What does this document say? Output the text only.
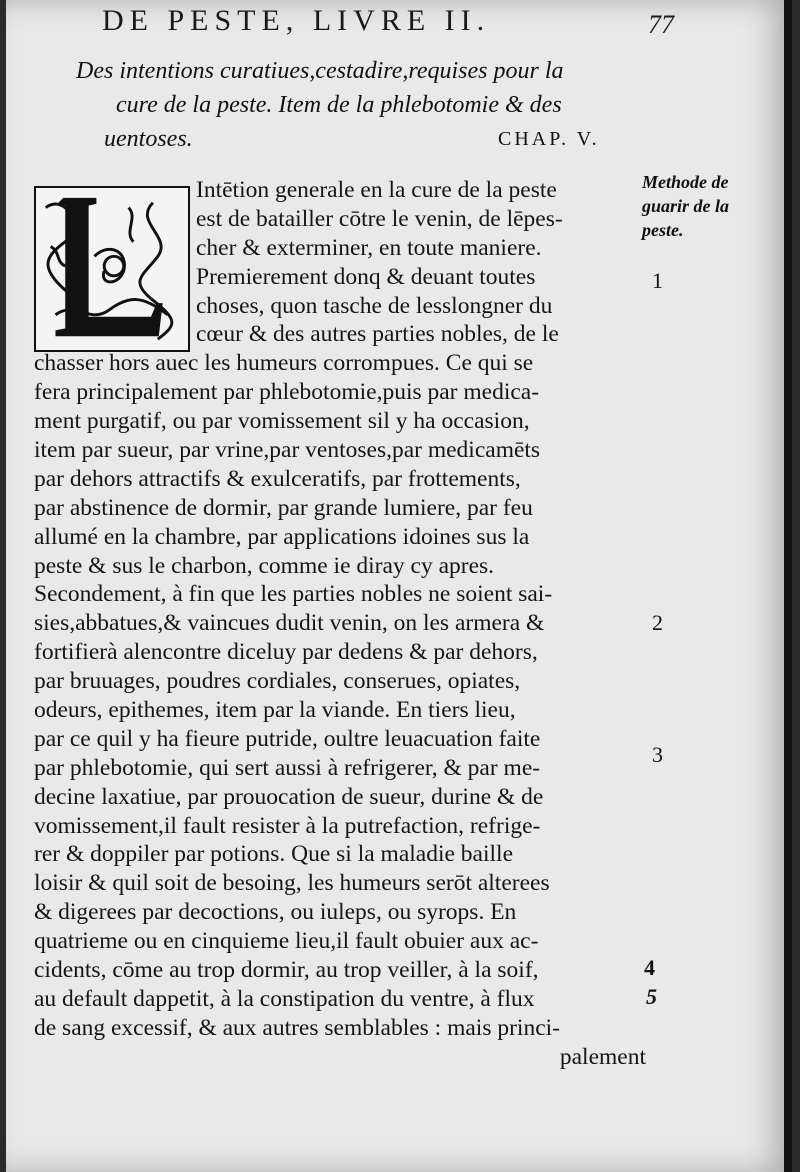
DE PESTE, LIVRE II.	77
Des intentions curatiues,cestadire,requises pour la
cure de la peste. Item de la phlebotomie & des
uentoses.	CHAP. V.
Intētion generale en la cure de la peste
est de batailler cōtre le venin, de lēpes-
cher & exterminer, en toute maniere.
Premierement donq & deuant toutes
choses, quon tasche de lesslongner du
cœur & des autres parties nobles, de le
chasser hors auec les humeurs corrompues. Ce qui se
fera principalement par phlebotomie,puis par medica-
ment purgatif, ou par vomissement sil y ha occasion,
item par sueur, par vrine,par ventoses,par medicamēts
par dehors attractifs & exulceratifs, par frottements,
par abstinence de dormir, par grande lumiere, par feu
allumé en la chambre, par applications idoines sus la
peste & sus le charbon, comme ie diray cy apres.
Secondement, à fin que les parties nobles ne soient sai-
sies,abbatues,& vaincues dudit venin, on les armera &
fortifierà alencontre diceluy par dedens & par dehors,
par bruuages, poudres cordiales, conserues, opiates,
odeurs, epithemes, item par la viande. En tiers lieu,
par ce quil y ha fieure putride, oultre leuacuation faite
par phlebotomie, qui sert aussi à refrigerer, & par me-
decine laxatiue, par prouocation de sueur, durine & de
vomissement,il fault resister à la putrefaction, refrige-
rer & doppiler par potions. Que si la maladie baille
loisir & quil soit de besoing, les humeurs serōt alterees
& digerees par decoctions, ou iuleps, ou syrops. En
quatrieme ou en cinquieme lieu,il fault obuier aux ac-
cidents, cōme au trop dormir, au trop veiller, à la soif,
au default dappetit, à la constipation du ventre, à flux
de sang excessif, & aux autres semblables : mais princi-
palement
Methode de
guarir de la
peste.
1
2
3
4
5
